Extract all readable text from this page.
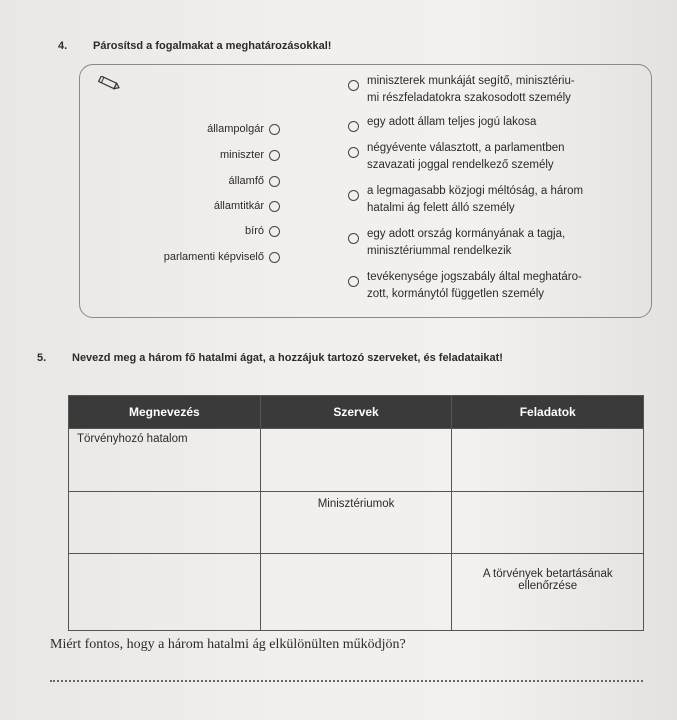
4. Párosítsd a fogalmakat a meghatározásokkal!
állampolgár
miniszter
államfő
államtitkár
bíró
parlamenti képviselő
miniszterek munkáját segítő, minisztériu-
mi részfeladatokra szakosodott személy
egy adott állam teljes jogú lakosa
négyévente választott, a parlamentben
szavazati joggal rendelkező személy
a legmagasabb közjogi méltóság, a három
hatalmi ág felett álló személy
egy adott ország kormányának a tagja,
minisztériummal rendelkezik
tevékenysége jogszabály által meghatáro-
zott, kormánytól független személy
5. Nevezd meg a három fő hatalmi ágat, a hozzájuk tartozó szerveket, és feladataikat!
Megnevezés	Szervek	Feladatok
Törvényhozó hatalom		
	Minisztériumok	
		A törvények betartásának ellenőrzése
Miért fontos, hogy a három hatalmi ág elkülönülten működjön?
